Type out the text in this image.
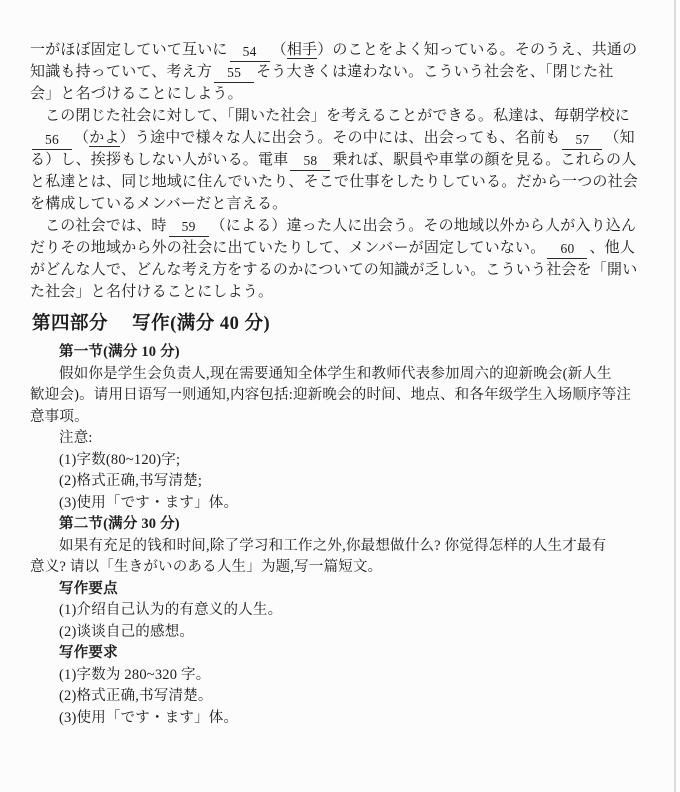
一がほぼ固定していて互いに 54 （相手）のことをよく知っている。そのうえ、共通の
知識も持っていて、考え方 55 そう大きくは違わない。こういう社会を、「閉じた社
会」と名づけることにしよう。
この閉じた社会に対して、「開いた社会」を考えることができる。私達は、毎朝学校に
56 （かよ）う途中で様々な人に出会う。その中には、出会っても、名前も 57 （知
る）し、挨拶もしない人がいる。電車 58 乗れば、駅員や車掌の顔を見る。これらの人
と私達とは、同じ地域に住んでいたり、そこで仕事をしたりしている。だから一つの社会
を構成しているメンバーだと言える。
この社会では、時 59 （による）違った人に出会う。その地域以外から人が入り込ん
だりその地域から外の社会に出ていたりして、メンバーが固定していない。 60 、他人
がどんな人で、どんな考え方をするのかについての知識が乏しい。こういう社会を「開い
た社会」と名付けることにしよう。
第四部分　 写作(满分 40 分)
第一节(满分 10 分)
假如你是学生会负责人,现在需要通知全体学生和教师代表参加周六的迎新晚会(新人生
歓迎会)。请用日语写一则通知,内容包括:迎新晚会的时间、地点、和各年级学生入场顺序等注
意事项。
注意:
(1)字数(80~120)字;
(2)格式正确,书写清楚;
(3)使用「です・ます」体。
第二节(满分 30 分)
如果有充足的钱和时间,除了学习和工作之外,你最想做什么? 你觉得怎样的人生才最有
意义? 请以「生きがいのある人生」为题,写一篇短文。
写作要点
(1)介绍自己认为的有意义的人生。
(2)谈谈自己的感想。
写作要求
(1)字数为 280~320 字。
(2)格式正确,书写清楚。
(3)使用「です・ます」体。
